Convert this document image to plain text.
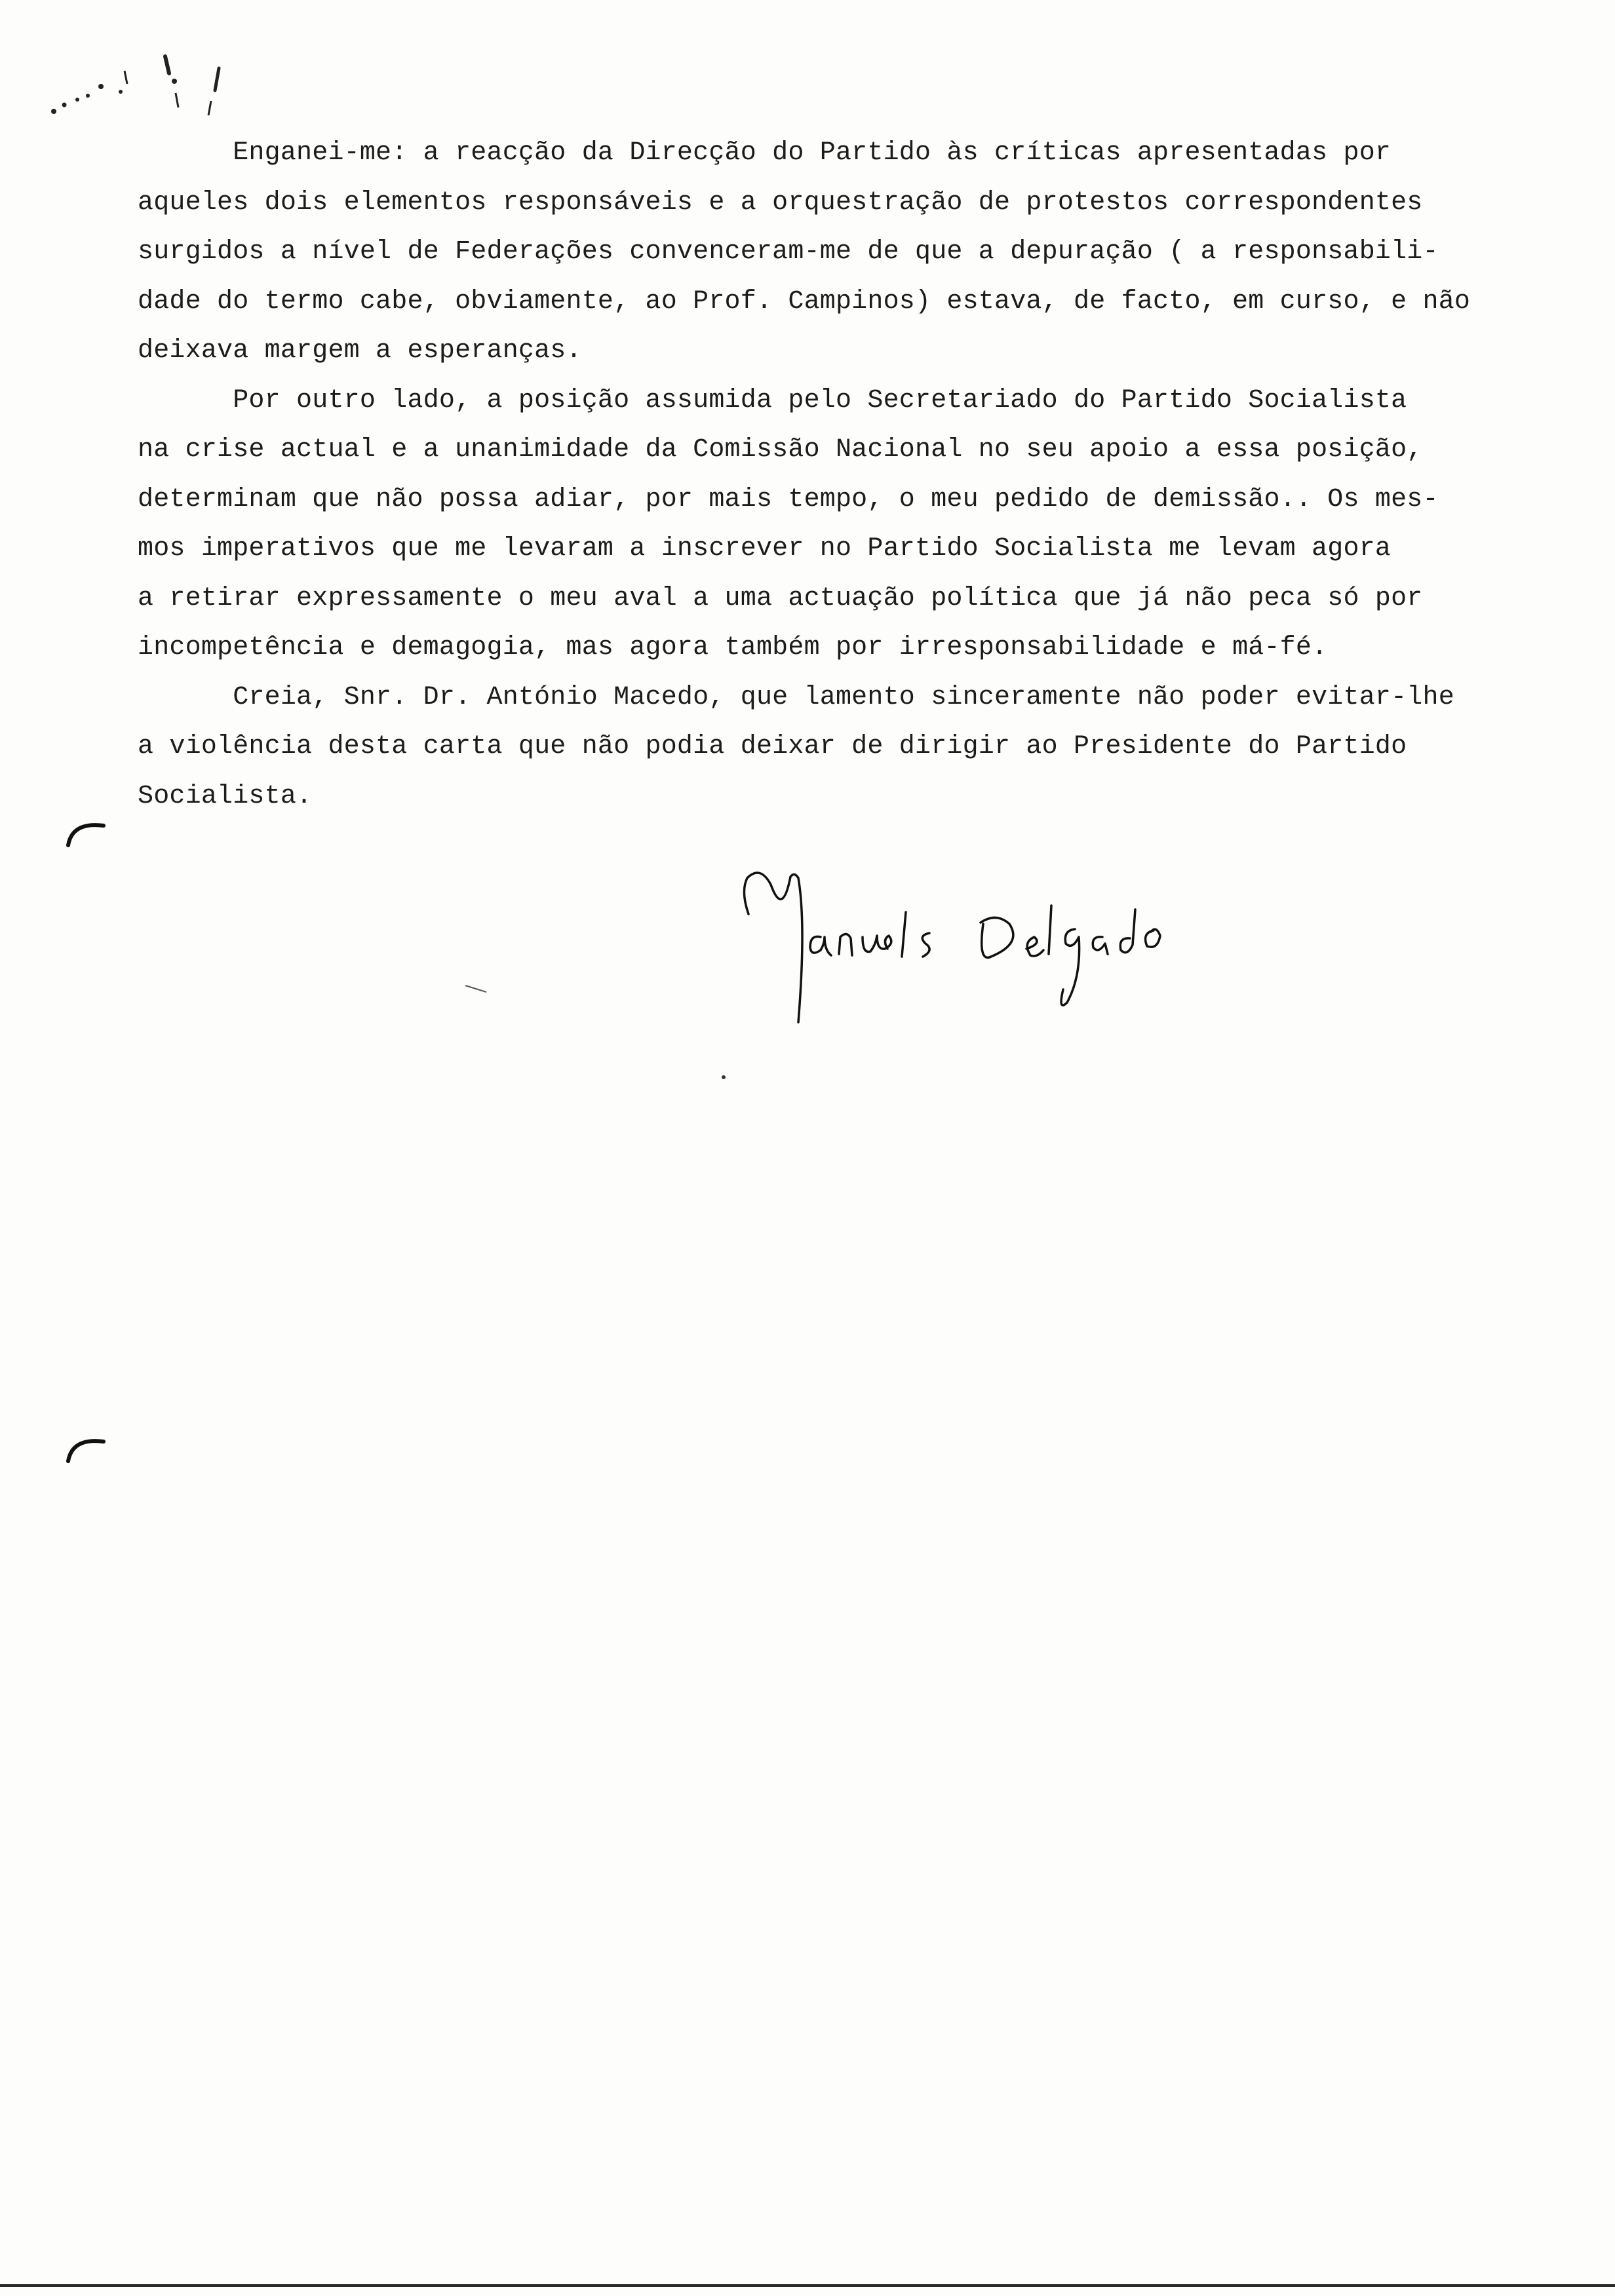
Enganei-me: a reacção da Direcção do Partido às críticas apresentadas por
aqueles dois elementos responsáveis e a orquestração de protestos correspondentes
surgidos a nível de Federações convenceram-me de que a depuração ( a responsabili-
dade do termo cabe, obviamente, ao Prof. Campinos) estava, de facto, em curso, e não
deixava margem a esperanças.
Por outro lado, a posição assumida pelo Secretariado do Partido Socialista
na crise actual e a unanimidade da Comissão Nacional no seu apoio a essa posição,
determinam que não possa adiar, por mais tempo, o meu pedido de demissão.. Os mes-
mos imperativos que me levaram a inscrever no Partido Socialista me levam agora
a retirar expressamente o meu aval a uma actuação política que já não peca só por
incompetência e demagogia, mas agora também por irresponsabilidade e má-fé.
Creia, Snr. Dr. António Macedo, que lamento sinceramente não poder evitar-lhe
a violência desta carta que não podia deixar de dirigir ao Presidente do Partido
Socialista.
